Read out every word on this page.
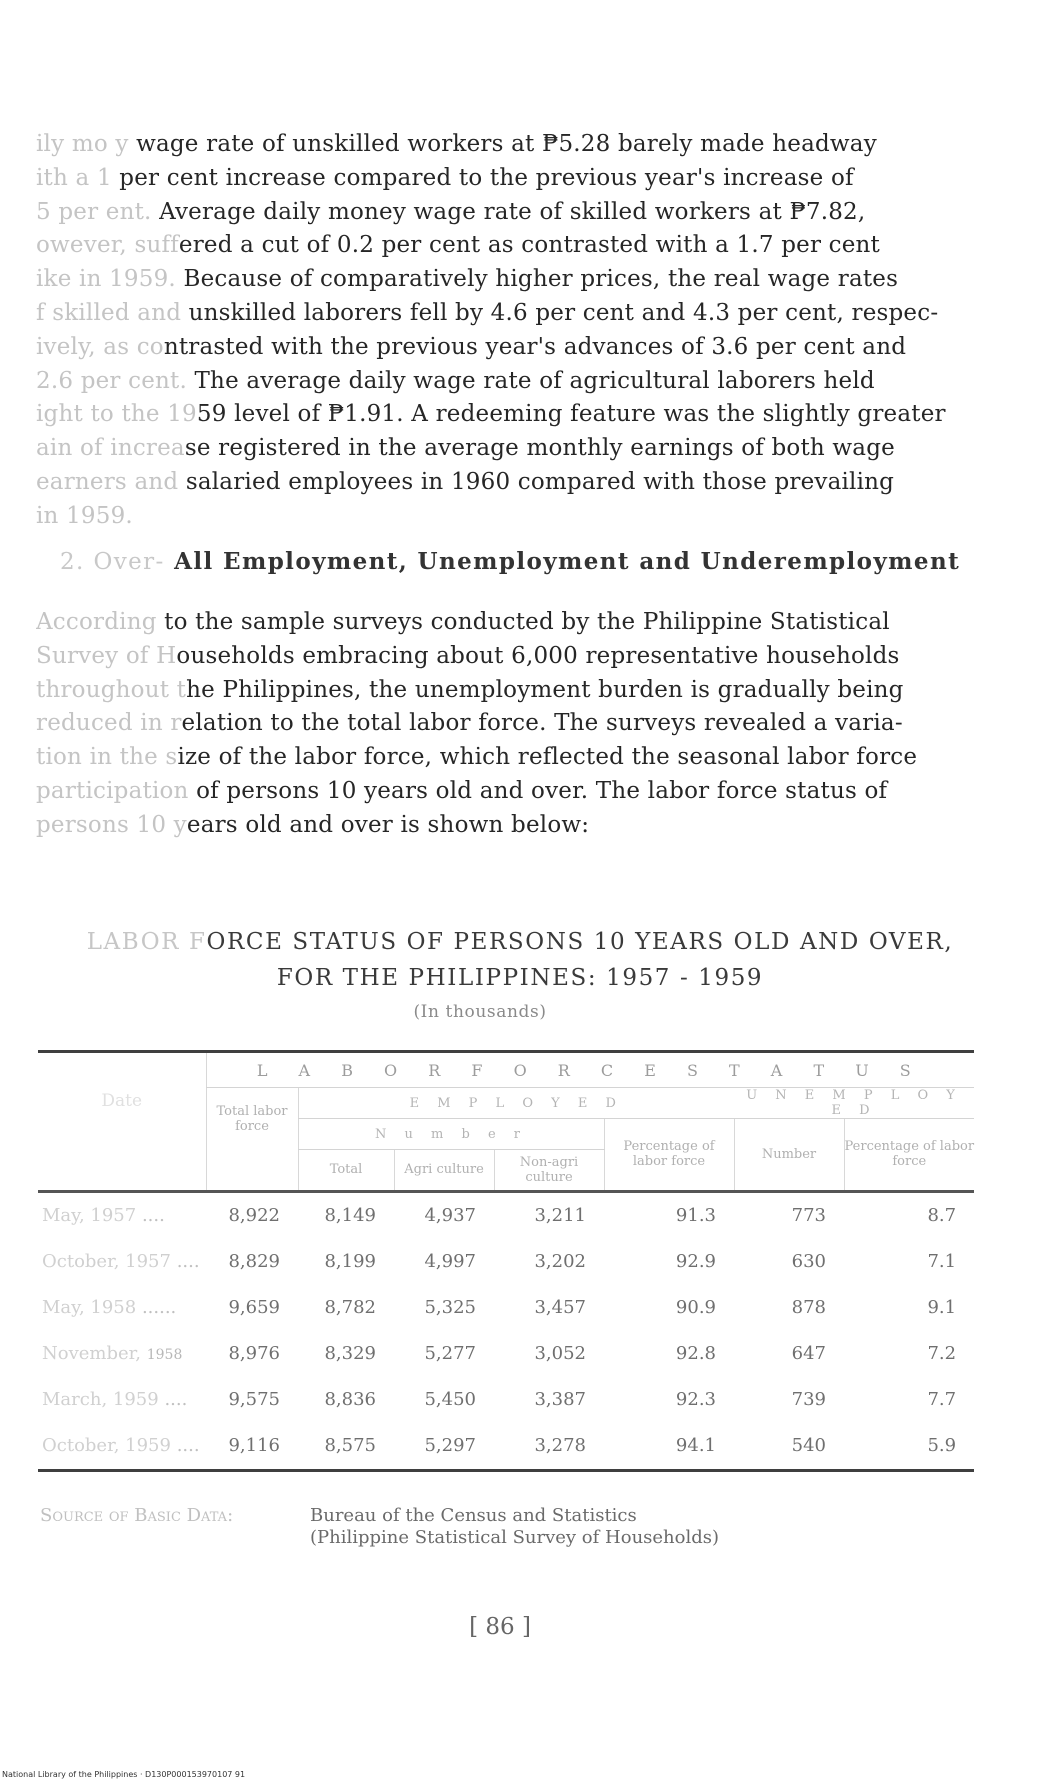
ily mo y wage rate of unskilled workers at ₱5.28 barely made headway
ith a 1 per cent increase compared to the previous year's increase of
5 per ent. Average daily money wage rate of skilled workers at ₱7.82,
owever, suffered a cut of 0.2 per cent as contrasted with a 1.7 per cent
ike in 1959. Because of comparatively higher prices, the real wage rates
f skilled and unskilled laborers fell by 4.6 per cent and 4.3 per cent, respec-
ively, as contrasted with the previous year's advances of 3.6 per cent and
2.6 per cent. The average daily wage rate of agricultural laborers held
ight to the 1959 level of ₱1.91. A redeeming feature was the slightly greater
ain of increase registered in the average monthly earnings of both wage
earners and salaried employees in 1960 compared with those prevailing
in 1959.
2. Over- All Employment, Unemployment and Underemployment
According to the sample surveys conducted by the Philippine Statistical
Survey of Households embracing about 6,000 representative households
throughout the Philippines, the unemployment burden is gradually being
reduced in relation to the total labor force. The surveys revealed a varia-
tion in the size of the labor force, which reflected the seasonal labor force
participation of persons 10 years old and over. The labor force status of
persons 10 years old and over is shown below:
LABOR FORCE STATUS OF PERSONS 10 YEARS OLD AND OVER,
FOR THE PHILIPPINES: 1957 - 1959
(In thousands)
Date	L A B O R F O R C E S T A T U S						
	Total labor force	E M P L O Y E D				U N E M P L O Y E D	
		N u m b e r			Percentage of labor force	Number	Percentage of labor force
		Total	Agri culture	Non-agri culture			
May, 1957 ....	8,922	8,149	4,937	3,211	91.3	773	8.7
October, 1957 ....	8,829	8,199	4,997	3,202	92.9	630	7.1
May, 1958 ......	9,659	8,782	5,325	3,457	90.9	878	9.1
November, 1958	8,976	8,329	5,277	3,052	92.8	647	7.2
March, 1959 ....	9,575	8,836	5,450	3,387	92.3	739	7.7
October, 1959 ....	9,116	8,575	5,297	3,278	94.1	540	5.9
Source of Basic Data:	Bureau of the Census and Statistics
(Philippine Statistical Survey of Households)
[ 86 ]
National Library of the Philippines · D130P000153970107 91
